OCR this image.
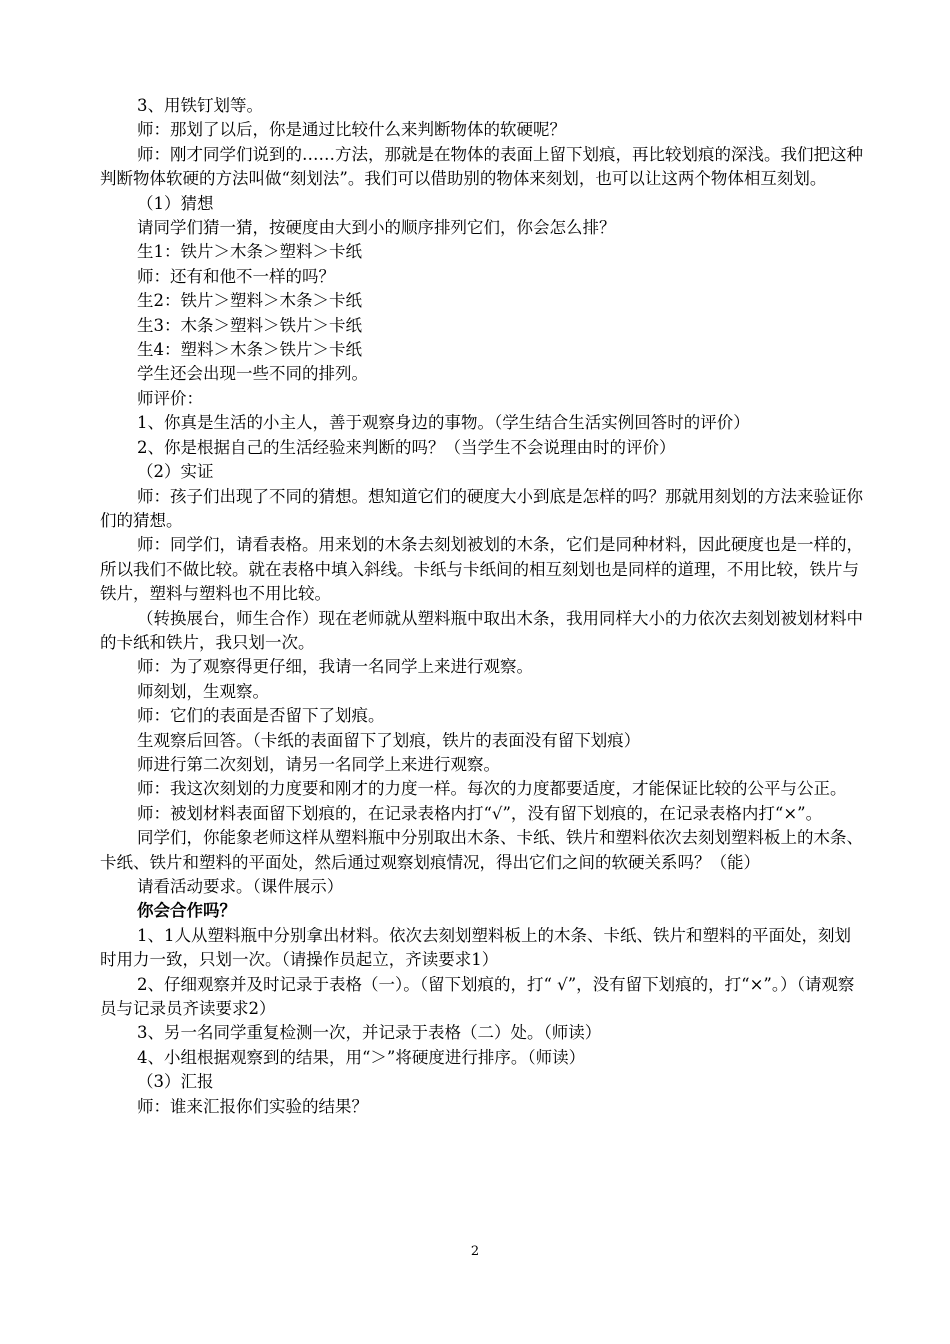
3、用铁钉划等。

师：那划了以后，你是通过比较什么来判断物体的软硬呢？

师：刚才同学们说到的……方法，那就是在物体的表面上留下划痕，再比较划痕的深浅。我们把这种判断物体软硬的方法叫做“刻划法”。我们可以借助别的物体来刻划，也可以让这两个物体相互刻划。

（1）猜想

请同学们猜一猜，按硬度由大到小的顺序排列它们，你会怎么排？

生1：铁片＞木条＞塑料＞卡纸

师：还有和他不一样的吗？

生2：铁片＞塑料＞木条＞卡纸

生3：木条＞塑料＞铁片＞卡纸

生4：塑料＞木条＞铁片＞卡纸

学生还会出现一些不同的排列。

师评价：

1、你真是生活的小主人，善于观察身边的事物。（学生结合生活实例回答时的评价）

2、你是根据自己的生活经验来判断的吗？（当学生不会说理由时的评价）

（2）实证

师：孩子们出现了不同的猜想。想知道它们的硬度大小到底是怎样的吗？那就用刻划的方法来验证你们的猜想。

师：同学们，请看表格。用来划的木条去刻划被划的木条，它们是同种材料，因此硬度也是一样的，所以我们不做比较。就在表格中填入斜线。卡纸与卡纸间的相互刻划也是同样的道理，不用比较，铁片与铁片，塑料与塑料也不用比较。

（转换展台，师生合作）现在老师就从塑料瓶中取出木条，我用同样大小的力依次去刻划被划材料中的卡纸和铁片，我只划一次。

师：为了观察得更仔细，我请一名同学上来进行观察。

师刻划，生观察。

师：它们的表面是否留下了划痕。

生观察后回答。（卡纸的表面留下了划痕，铁片的表面没有留下划痕）

师进行第二次刻划，请另一名同学上来进行观察。

师：我这次刻划的力度要和刚才的力度一样。每次的力度都要适度，才能保证比较的公平与公正。

师：被划材料表面留下划痕的，在记录表格内打“√”，没有留下划痕的，在记录表格内打“×”。

同学们，你能象老师这样从塑料瓶中分别取出木条、卡纸、铁片和塑料依次去刻划塑料板上的木条、卡纸、铁片和塑料的平面处，然后通过观察划痕情况，得出它们之间的软硬关系吗？（能）

请看活动要求。（课件展示）

你会合作吗？

1、1人从塑料瓶中分别拿出材料。依次去刻划塑料板上的木条、卡纸、铁片和塑料的平面处，刻划时用力一致，只划一次。（请操作员起立，齐读要求1）

2、仔细观察并及时记录于表格（一）。（留下划痕的，打“ √”，没有留下划痕的，打“×”。）（请观察员与记录员齐读要求2）

3、另一名同学重复检测一次，并记录于表格（二）处。（师读）

4、小组根据观察到的结果，用“＞”将硬度进行排序。（师读）

（3）汇报

师：谁来汇报你们实验的结果？

2
